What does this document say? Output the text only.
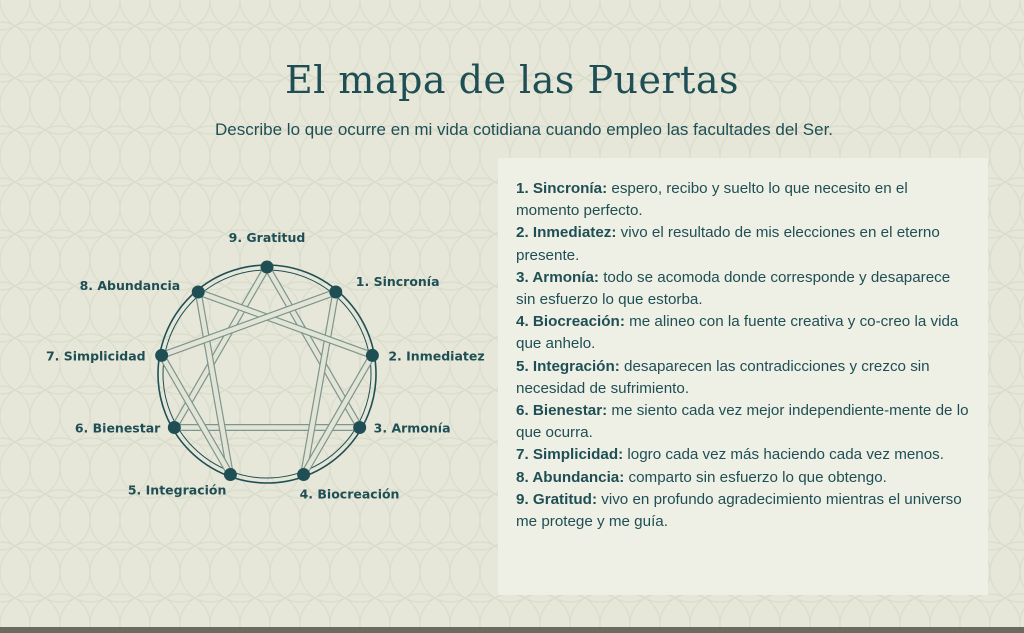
El mapa de las Puertas
Describe lo que ocurre en mi vida cotidiana cuando empleo las facultades del Ser.
9. Gratitud
1. Sincronía
2. Inmediatez
3. Armonía
4. Biocreación
5. Integración
6. Bienestar
7. Simplicidad
8. Abundancia

1. Sincronía: espero, recibo y suelto lo que necesito en el momento perfecto.

2. Inmediatez: vivo el resultado de mis elecciones en el eterno presente.

3. Armonía: todo se acomoda donde corresponde y desaparece sin esfuerzo lo que estorba.

4. Biocreación: me alineo con la fuente creativa y co-creo la vida que anhelo.

5. Integración: desaparecen las contradicciones y crezco sin necesidad de sufrimiento.

6. Bienestar: me siento cada vez mejor independiente-mente de lo que ocurra.

7. Simplicidad: logro cada vez más haciendo cada vez menos.

8. Abundancia: comparto sin esfuerzo lo que obtengo.

9. Gratitud: vivo en profundo agradecimiento mientras el universo me protege y me guía.
